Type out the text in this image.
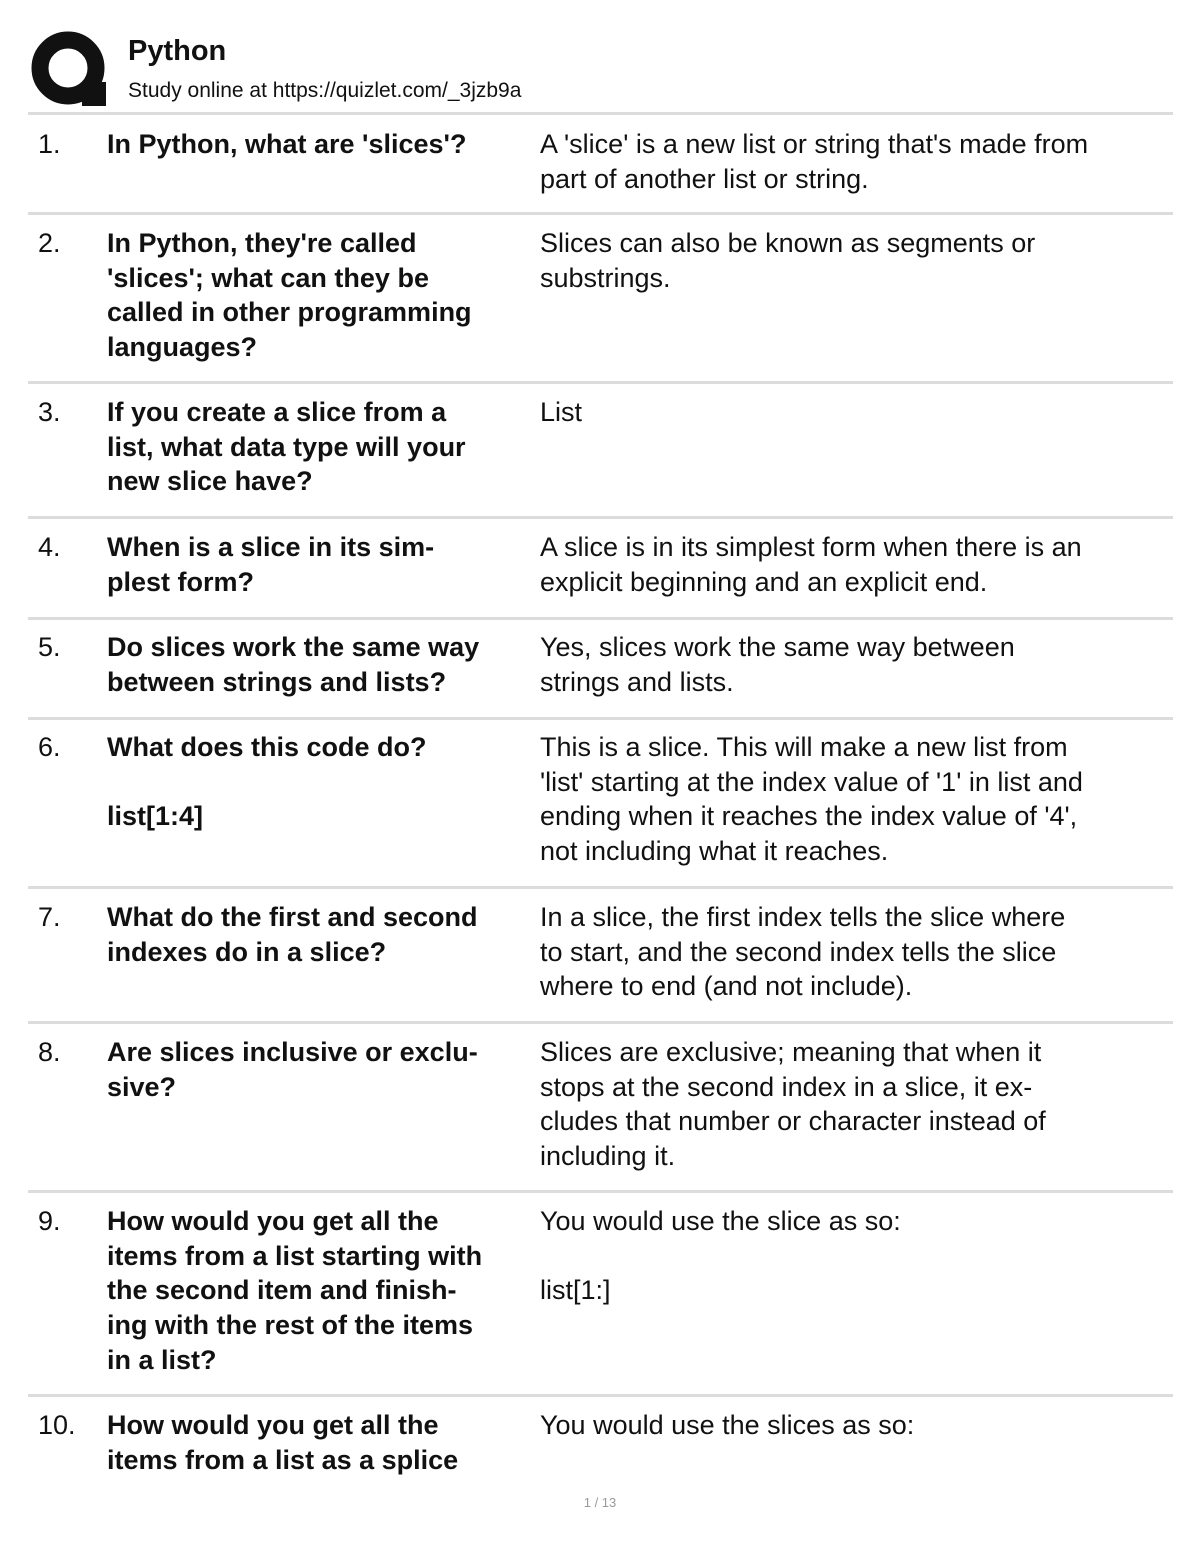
Python
Study online at https://quizlet.com/_3jzb9a
1. In Python, what are 'slices'?	A 'slice' is a new list or string that's made from
part of another list or string.
2. In Python, they're called
'slices'; what can they be
called in other programming
languages?
Slices can also be known as segments or
substrings.
3. If you create a slice from a
list, what data type will your
new slice have?
List
4. When is a slice in its sim-
plest form?
A slice is in its simplest form when there is an
explicit beginning and an explicit end.
5. Do slices work the same way
between strings and lists?
Yes, slices work the same way between
strings and lists.
6. What does this code do?
list[1:4]
This is a slice. This will make a new list from
'list' starting at the index value of '1' in list and
ending when it reaches the index value of '4',
not including what it reaches.
7. What do the first and second
indexes do in a slice?
In a slice, the first index tells the slice where
to start, and the second index tells the slice
where to end (and not include).
8. Are slices inclusive or exclu-
sive?
Slices are exclusive; meaning that when it
stops at the second index in a slice, it ex-
cludes that number or character instead of
including it.
9. How would you get all the
items from a list starting with
the second item and finish-
ing with the rest of the items
in a list?
You would use the slice as so:
list[1:]
10. How would you get all the
items from a list as a splice
You would use the slices as so:
1 / 13
